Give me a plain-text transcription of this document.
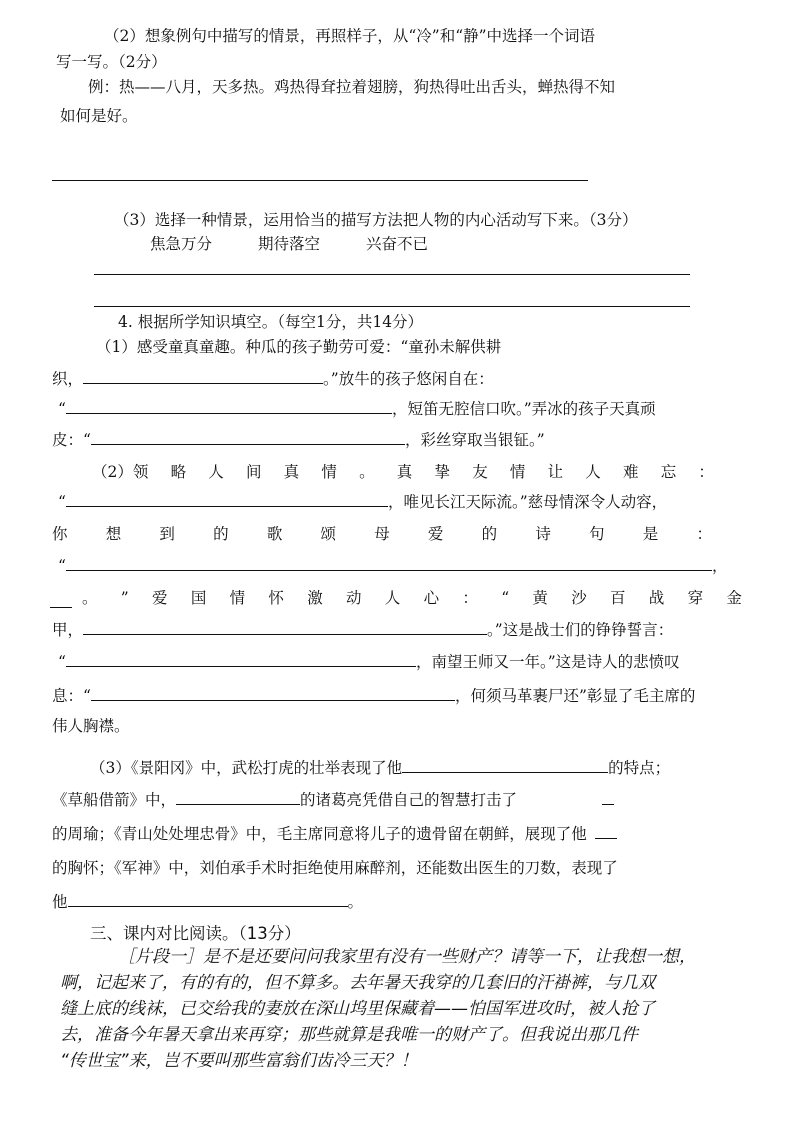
（2）想象例句中描写的情景，再照样子，从“冷”和“静”中选择一个词语
写一写。（2分）
例：热——八月，天多热。鸡热得耷拉着翅膀，狗热得吐出舌头，蝉热得不知
如何是好。
（3）选择一种情景，运用恰当的描写方法把人物的内心活动写下来。（3分）
焦急万分	期待落空	兴奋不已
4. 根据所学知识填空。（每空1分，共14分）
（1）感受童真童趣。种瓜的孩子勤劳可爱：“童孙未解供耕
织，	。”放牛的孩子悠闲自在：
“	，短笛无腔信口吹。”弄冰的孩子天真顽
皮：“	，彩丝穿取当银钲。”
（2）领 略 人 间 真 情 。 真 挚 友 情 让 人 难 忘 ：
“	，唯见长江天际流。”慈母情深令人动容，
你 想 到 的 歌 颂 母 爱 的 诗 句 是 ：
“	，
。 ” 爱 国 情 怀 激 动 人 心 ： “ 黄 沙 百 战 穿 金
甲，	。”这是战士们的铮铮誓言：
“	，南望王师又一年。”这是诗人的悲愤叹
息：“	，何须马革裹尸还”彰显了毛主席的
伟人胸襟。
（3）《景阳冈》中，武松打虎的壮举表现了他	的特点；
《草船借箭》中，	的诸葛亮凭借自己的智慧打击了
的周瑜；《青山处处埋忠骨》中，毛主席同意将儿子的遗骨留在朝鲜，展现了他
的胸怀；《军神》中，刘伯承手术时拒绝使用麻醉剂，还能数出医生的刀数，表现了
他	。
三、课内对比阅读。（13分）
［片段一］是不是还要问问我家里有没有一些财产？请等一下，让我想一想，
啊，记起来了，有的有的，但不算多。去年暑天我穿的几套旧的汗褂裤，与几双
缝上底的线袜，已交给我的妻放在深山坞里保藏着——怕国军进攻时，被人抢了
去，准备今年暑天拿出来再穿；那些就算是我唯一的财产了。但我说出那几件
“传世宝”来，岂不要叫那些富翁们齿冷三天？！
